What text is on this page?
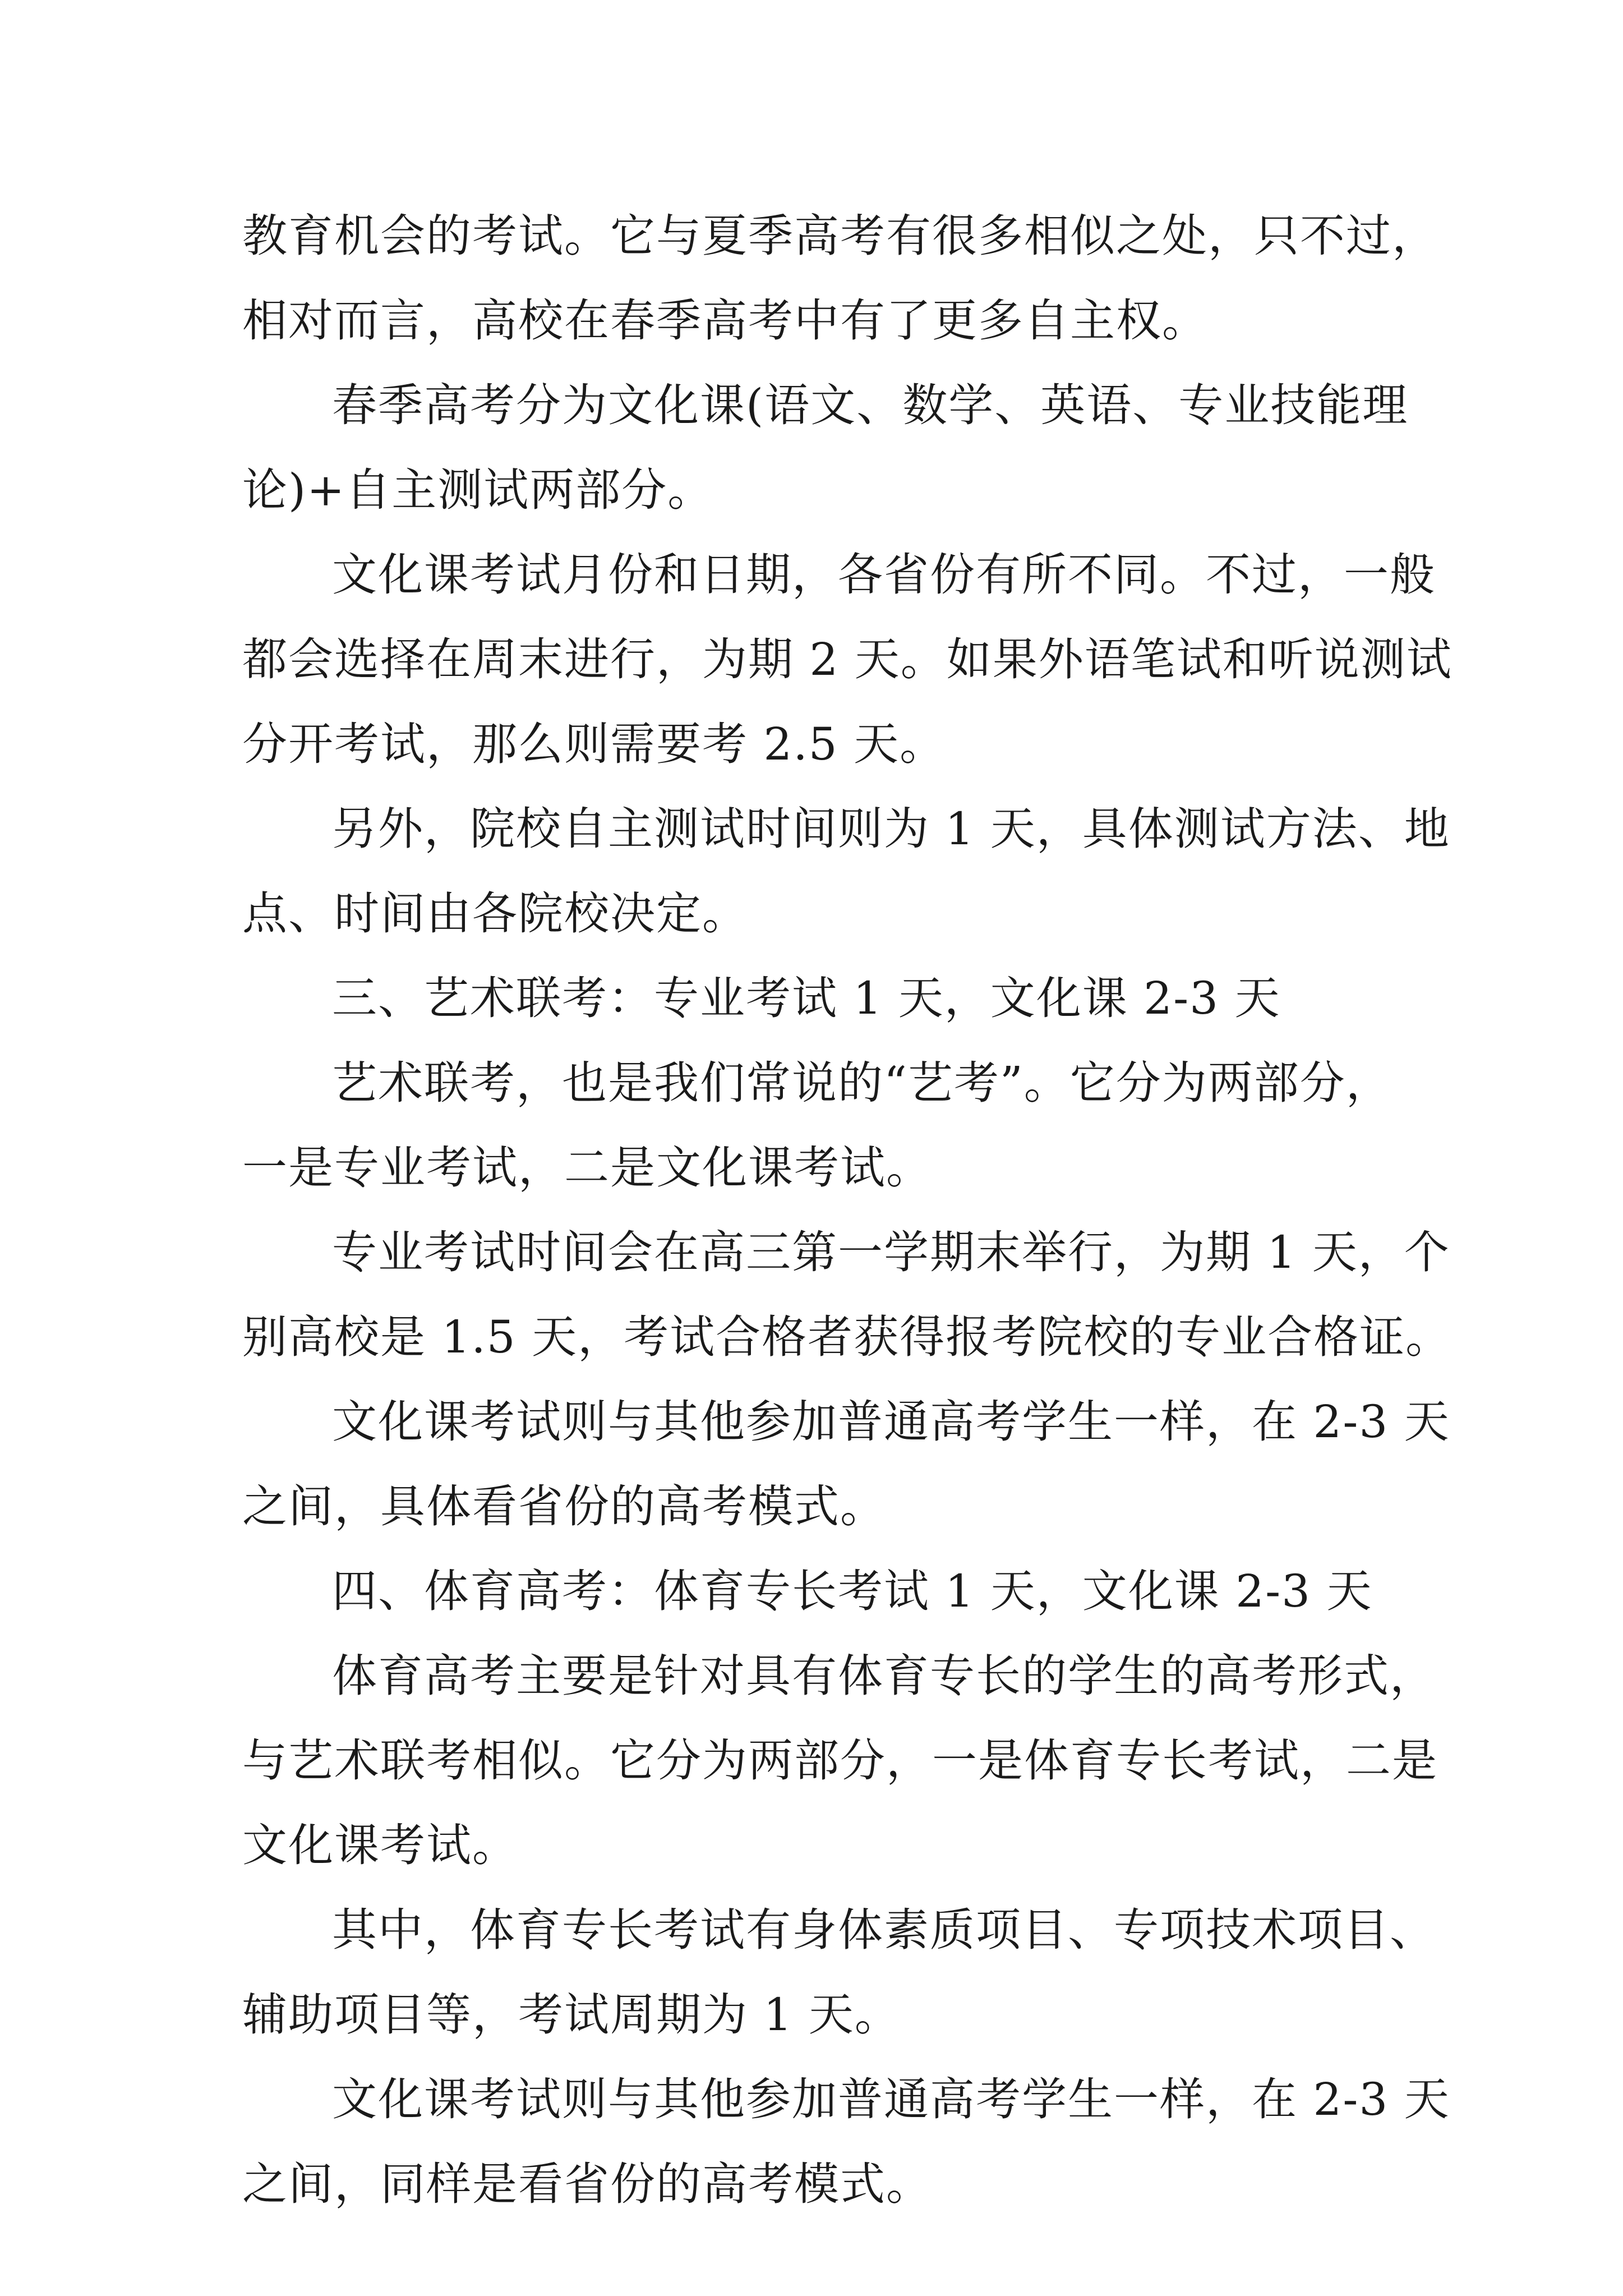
教育机会的考试。它与夏季高考有很多相似之处，只不过，
相对而言，高校在春季高考中有了更多自主权。
春季高考分为文化课(语文、数学、英语、专业技能理
论)+自主测试两部分。
文化课考试月份和日期，各省份有所不同。不过，一般
都会选择在周末进行，为期 2 天。如果外语笔试和听说测试
分开考试，那么则需要考 2.5 天。
另外，院校自主测试时间则为 1 天，具体测试方法、地
点、时间由各院校决定。
三、艺术联考：专业考试 1 天，文化课 2-3 天
艺术联考，也是我们常说的“艺考”。它分为两部分，
一是专业考试，二是文化课考试。
专业考试时间会在高三第一学期末举行，为期 1 天，个
别高校是 1.5 天，考试合格者获得报考院校的专业合格证。
文化课考试则与其他参加普通高考学生一样，在 2-3 天
之间，具体看省份的高考模式。
四、体育高考：体育专长考试 1 天，文化课 2-3 天
体育高考主要是针对具有体育专长的学生的高考形式，
与艺术联考相似。它分为两部分，一是体育专长考试，二是
文化课考试。
其中，体育专长考试有身体素质项目、专项技术项目、
辅助项目等，考试周期为 1 天。
文化课考试则与其他参加普通高考学生一样，在 2-3 天
之间，同样是看省份的高考模式。
